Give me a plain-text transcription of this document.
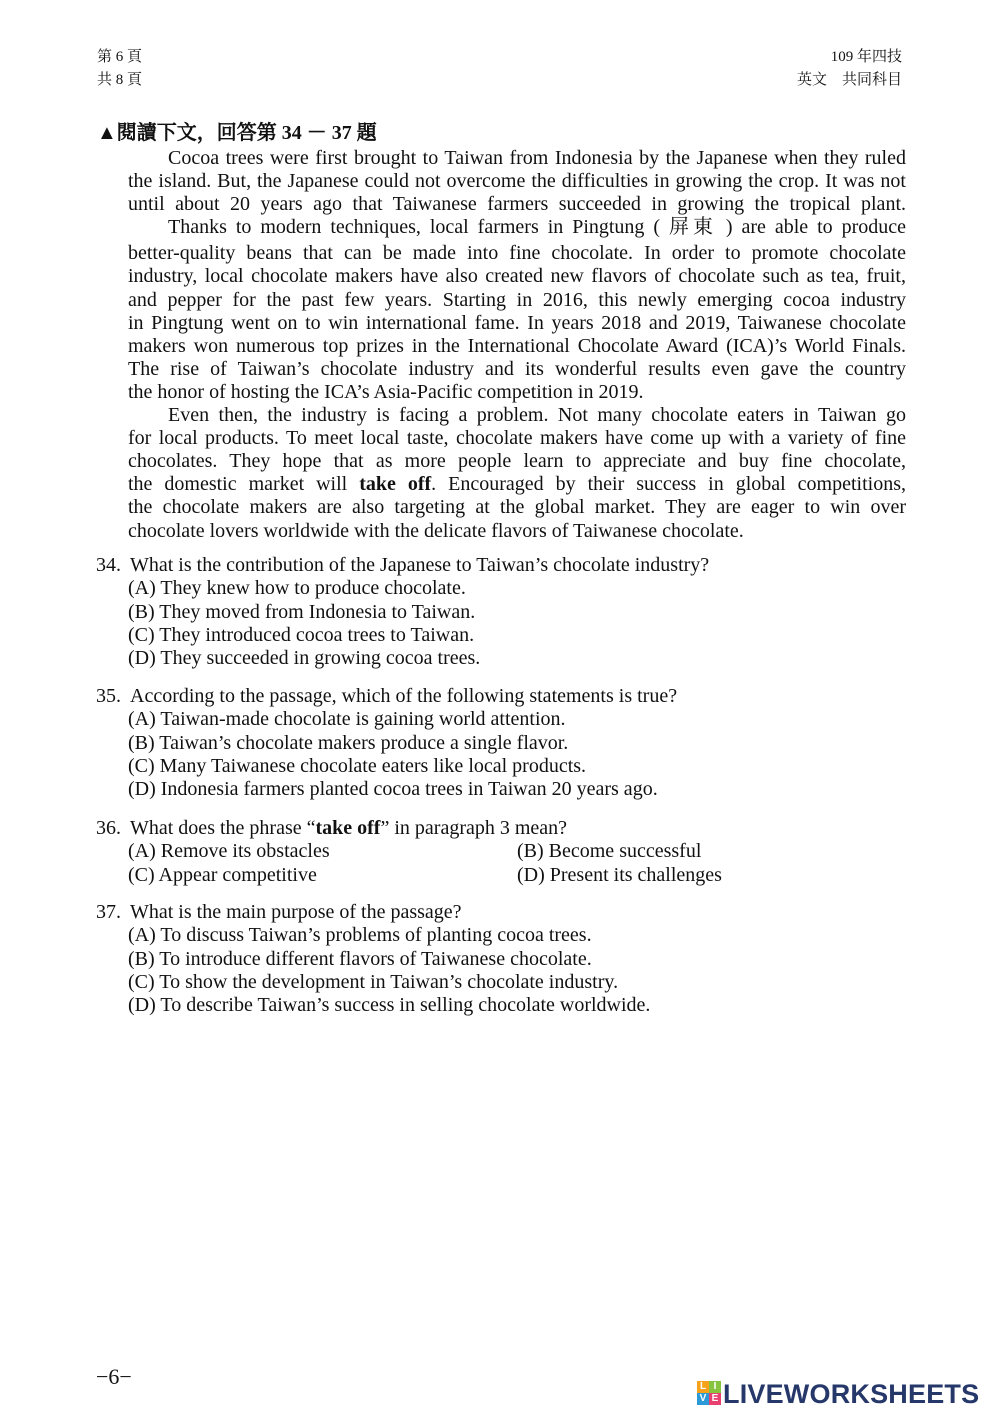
第 6 頁
共 8 頁
109 年四技
英文　共同科目
▲閱讀下文，回答第 34 － 37 題
Cocoa trees were first brought to Taiwan from Indonesia by the Japanese when they ruled
the island. But, the Japanese could not overcome the difficulties in growing the crop. It was not
until about 20 years ago that Taiwanese farmers succeeded in growing the tropical plant.
Thanks to modern techniques, local farmers in Pingtung ( 屏東 ) are able to produce
better-quality beans that can be made into fine chocolate. In order to promote chocolate
industry, local chocolate makers have also created new flavors of chocolate such as tea, fruit,
and pepper for the past few years. Starting in 2016, this newly emerging cocoa industry
in Pingtung went on to win international fame. In years 2018 and 2019, Taiwanese chocolate
makers won numerous top prizes in the International Chocolate Award (ICA)’s World Finals.
The rise of Taiwan’s chocolate industry and its wonderful results even gave the country
the honor of hosting the ICA’s Asia-Pacific competition in 2019.
Even then, the industry is facing a problem. Not many chocolate eaters in Taiwan go
for local products. To meet local taste, chocolate makers have come up with a variety of fine
chocolates. They hope that as more people learn to appreciate and buy fine chocolate,
the domestic market will take off. Encouraged by their success in global competitions,
the chocolate makers are also targeting at the global market. They are eager to win over
chocolate lovers worldwide with the delicate flavors of Taiwanese chocolate.
34. What is the contribution of the Japanese to Taiwan’s chocolate industry?
(A) They knew how to produce chocolate.
(B) They moved from Indonesia to Taiwan.
(C) They introduced cocoa trees to Taiwan.
(D) They succeeded in growing cocoa trees.
35. According to the passage, which of the following statements is true?
(A) Taiwan-made chocolate is gaining world attention.
(B) Taiwan’s chocolate makers produce a single flavor.
(C) Many Taiwanese chocolate eaters like local products.
(D) Indonesia farmers planted cocoa trees in Taiwan 20 years ago.
36. What does the phrase “take off” in paragraph 3 mean?
(A) Remove its obstacles	(B) Become successful
(C) Appear competitive	(D) Present its challenges
37. What is the main purpose of the passage?
(A) To discuss Taiwan’s problems of planting cocoa trees.
(B) To introduce different flavors of Taiwanese chocolate.
(C) To show the development in Taiwan’s chocolate industry.
(D) To describe Taiwan’s success in selling chocolate worldwide.
−6−	L I
V E LIVEWORKSHEETS
